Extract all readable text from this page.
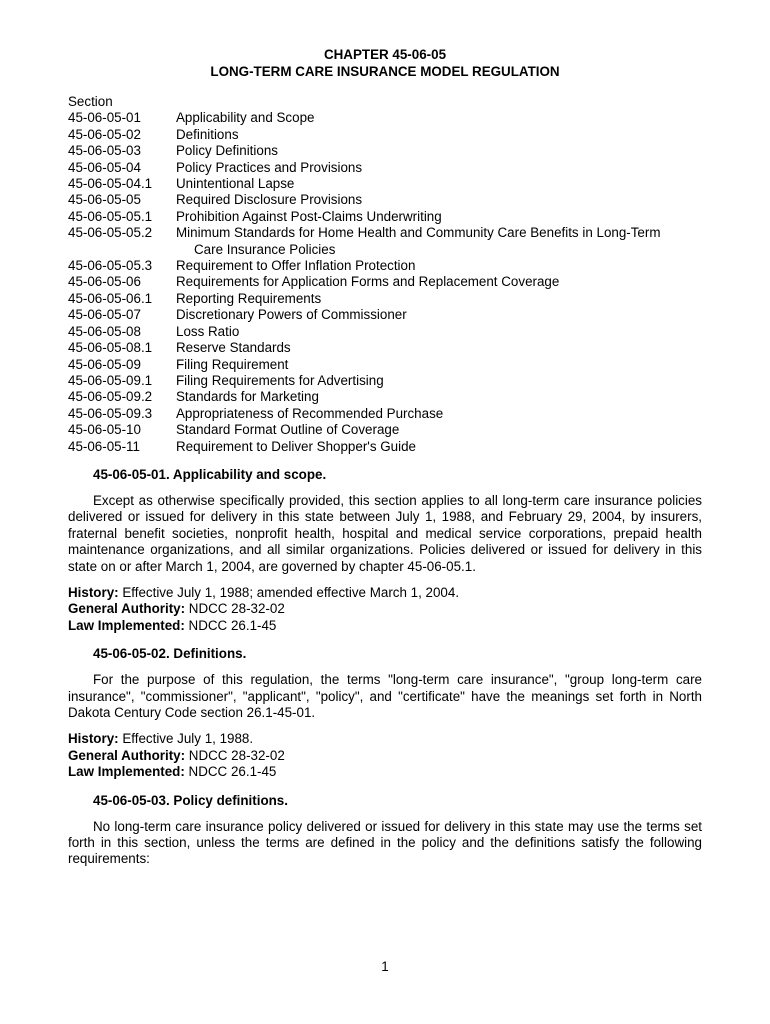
CHAPTER 45-06-05

LONG-TERM CARE INSURANCE MODEL REGULATION

Section
45-06-05-01	Applicability and Scope
45-06-05-02	Definitions
45-06-05-03	Policy Definitions
45-06-05-04	Policy Practices and Provisions
45-06-05-04.1	Unintentional Lapse
45-06-05-05	Required Disclosure Provisions
45-06-05-05.1	Prohibition Against Post-Claims Underwriting
45-06-05-05.2	Minimum Standards for Home Health and Community Care Benefits in Long-Term
Care Insurance Policies
45-06-05-05.3	Requirement to Offer Inflation Protection
45-06-05-06	Requirements for Application Forms and Replacement Coverage
45-06-05-06.1	Reporting Requirements
45-06-05-07	Discretionary Powers of Commissioner
45-06-05-08	Loss Ratio
45-06-05-08.1	Reserve Standards
45-06-05-09	Filing Requirement
45-06-05-09.1	Filing Requirements for Advertising
45-06-05-09.2	Standards for Marketing
45-06-05-09.3	Appropriateness of Recommended Purchase
45-06-05-10	Standard Format Outline of Coverage
45-06-05-11	Requirement to Deliver Shopper's Guide
45-06-05-01. Applicability and scope.

Except as otherwise specifically provided, this section applies to all long-term care insurance policies delivered or issued for delivery in this state between July 1, 1988, and February 29, 2004, by insurers, fraternal benefit societies, nonprofit health, hospital and medical service corporations, prepaid health maintenance organizations, and all similar organizations. Policies delivered or issued for delivery in this state on or after March 1, 2004, are governed by chapter 45-06-05.1.

History: Effective July 1, 1988; amended effective March 1, 2004.
General Authority: NDCC 28-32-02
Law Implemented: NDCC 26.1-45
45-06-05-02. Definitions.

For the purpose of this regulation, the terms "long-term care insurance", "group long-term care insurance", "commissioner", "applicant", "policy", and "certificate" have the meanings set forth in North Dakota Century Code section 26.1-45-01.

History: Effective July 1, 1988.
General Authority: NDCC 28-32-02
Law Implemented: NDCC 26.1-45
45-06-05-03. Policy definitions.

No long-term care insurance policy delivered or issued for delivery in this state may use the terms set forth in this section, unless the terms are defined in the policy and the definitions satisfy the following requirements:

1
